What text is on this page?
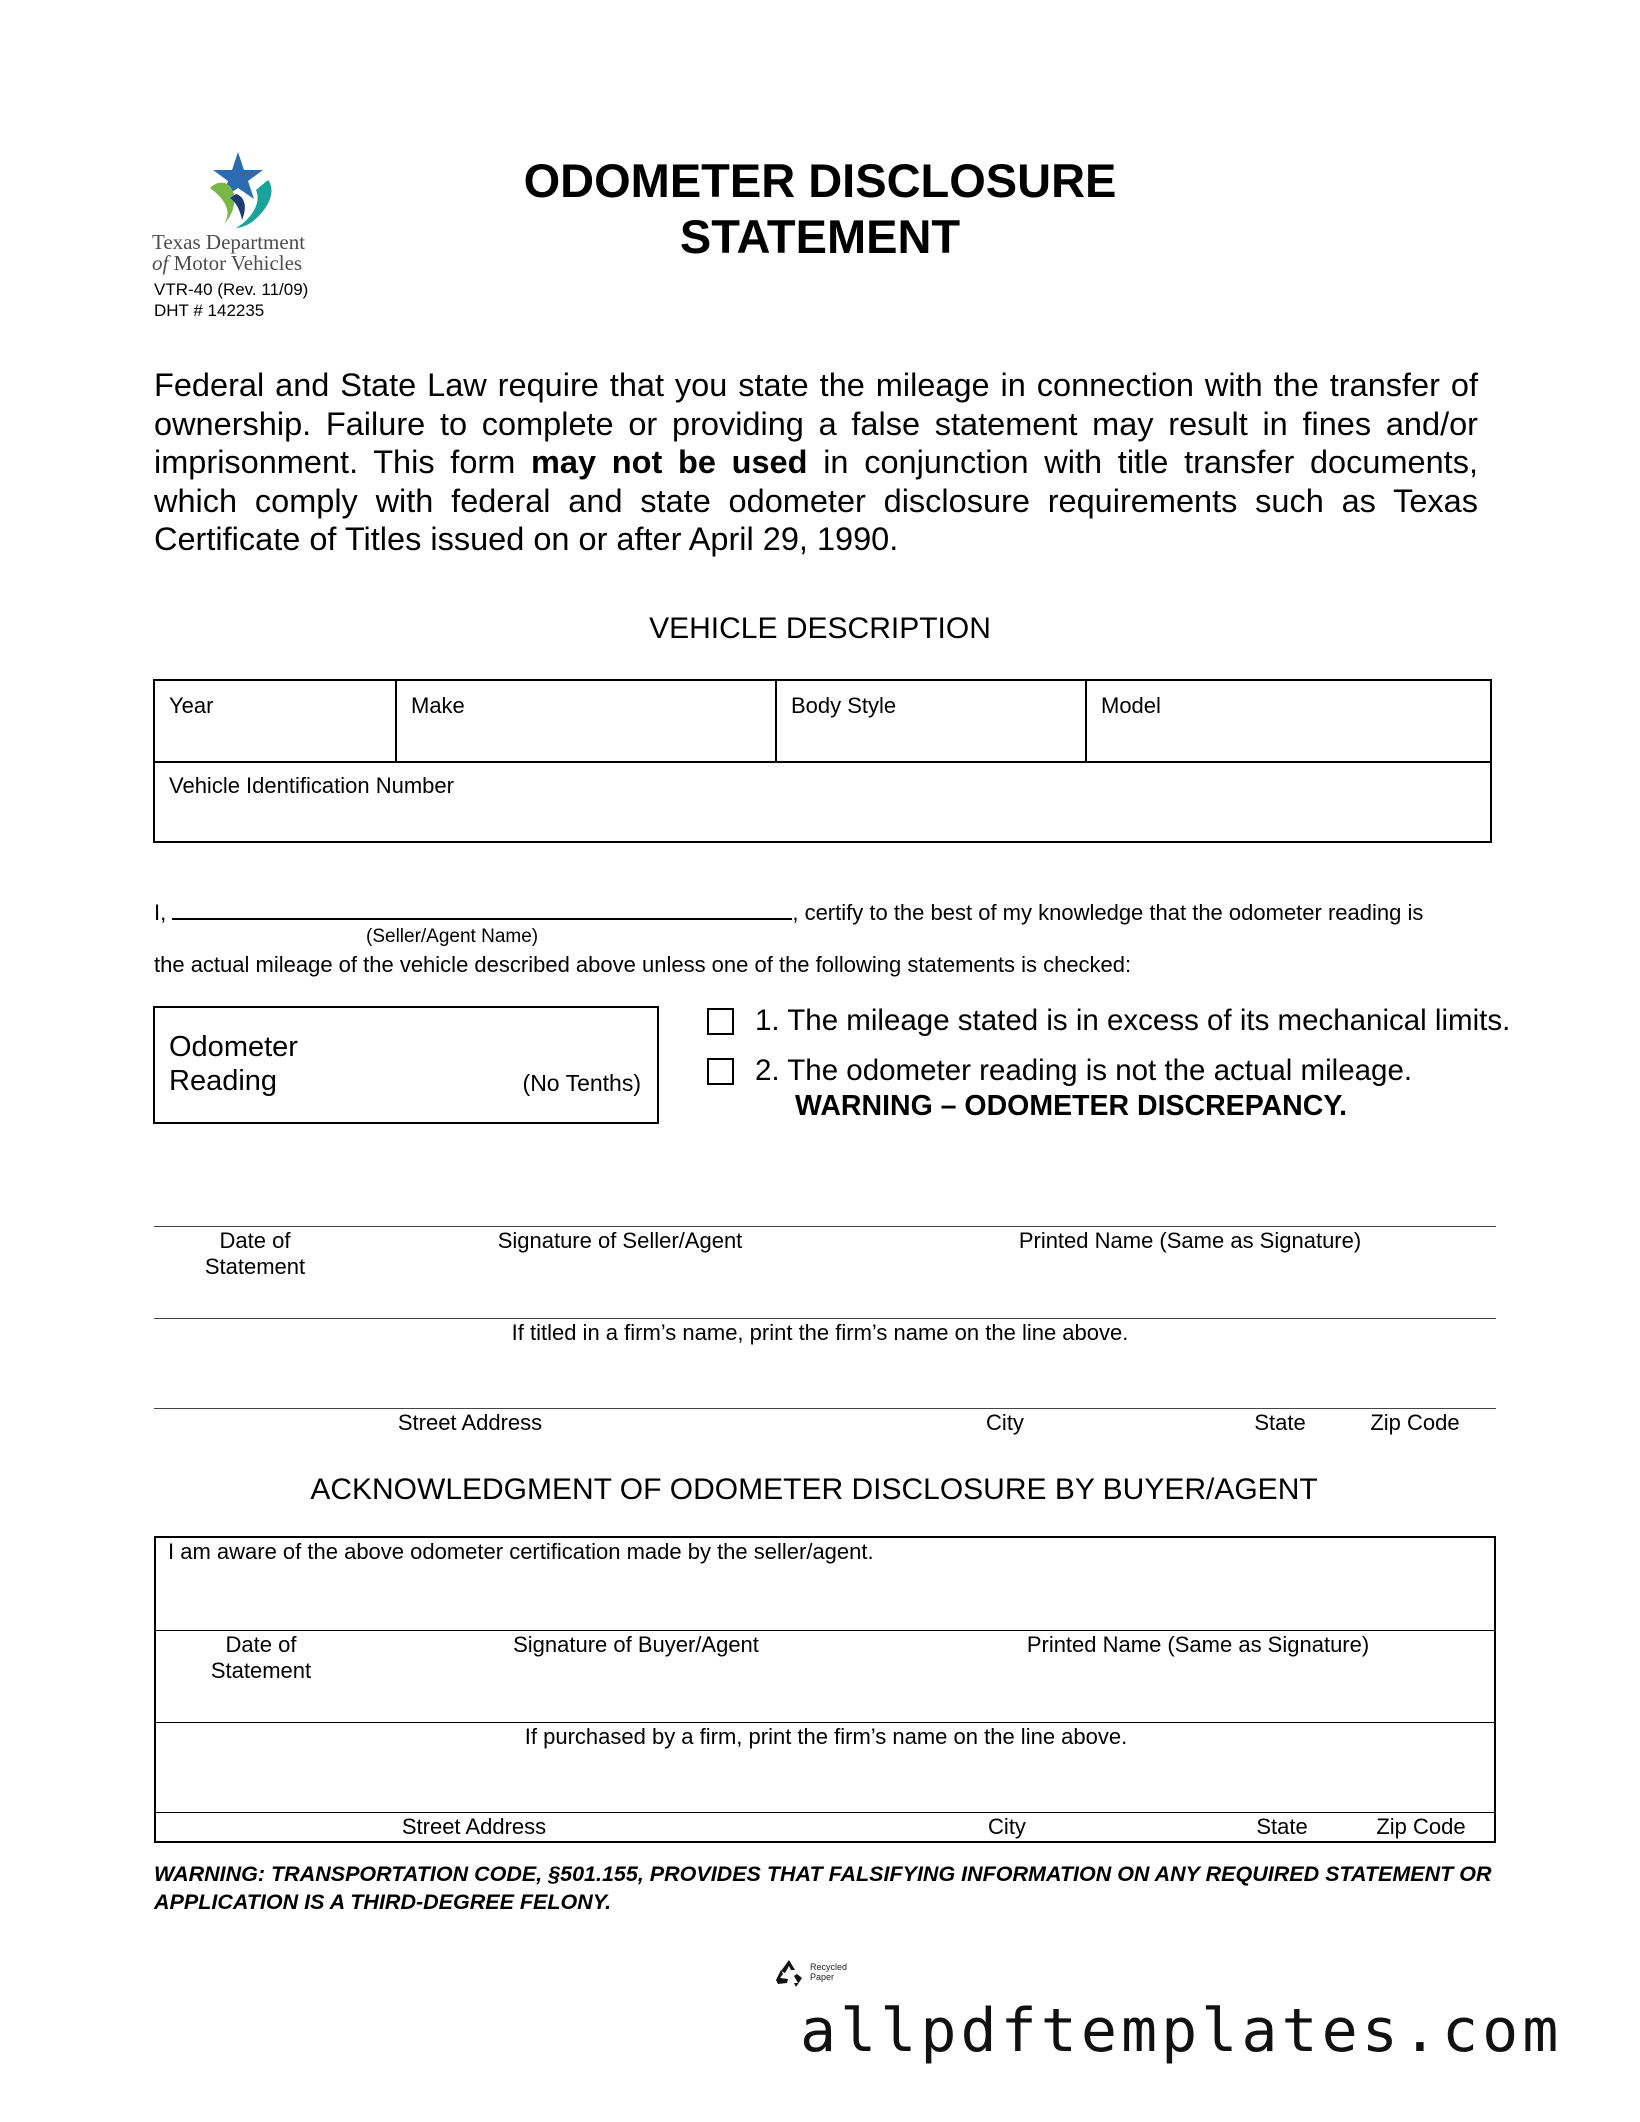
Texas Department
of Motor Vehicles
VTR-40 (Rev. 11/09)
DHT # 142235
ODOMETER DISCLOSURE
STATEMENT
Federal and State Law require that you state the mileage in connection with the transfer of ownership. Failure to complete or providing a false statement may result in fines and/or imprisonment. This form may not be used in conjunction with title transfer documents, which comply with federal and state odometer disclosure requirements such as Texas Certificate of Titles issued on or after April 29, 1990.
VEHICLE DESCRIPTION
Year	Make	Body Style	Model
Vehicle Identification Number
I,	, certify to the best of my knowledge that the odometer reading is
(Seller/Agent Name)
the actual mileage of the vehicle described above unless one of the following statements is checked:
Odometer
Reading	(No Tenths)
1. The mileage stated is in excess of its mechanical limits.
2. The odometer reading is not the actual mileage.
WARNING – ODOMETER DISCREPANCY.
Date of
Statement
Signature of Seller/Agent	Printed Name (Same as Signature)
If titled in a firm’s name, print the firm’s name on the line above.
Street Address	City	State	Zip Code
ACKNOWLEDGMENT OF ODOMETER DISCLOSURE BY BUYER/AGENT
I am aware of the above odometer certification made by the seller/agent.
Date of
Statement
Signature of Buyer/Agent	Printed Name (Same as Signature)
If purchased by a firm, print the firm’s name on the line above.
Street Address	City	State	Zip Code
WARNING: TRANSPORTATION CODE, §501.155, PROVIDES THAT FALSIFYING INFORMATION ON ANY REQUIRED STATEMENT OR APPLICATION IS A THIRD-DEGREE FELONY.
Recycled
Paper
allpdftemplates.com
